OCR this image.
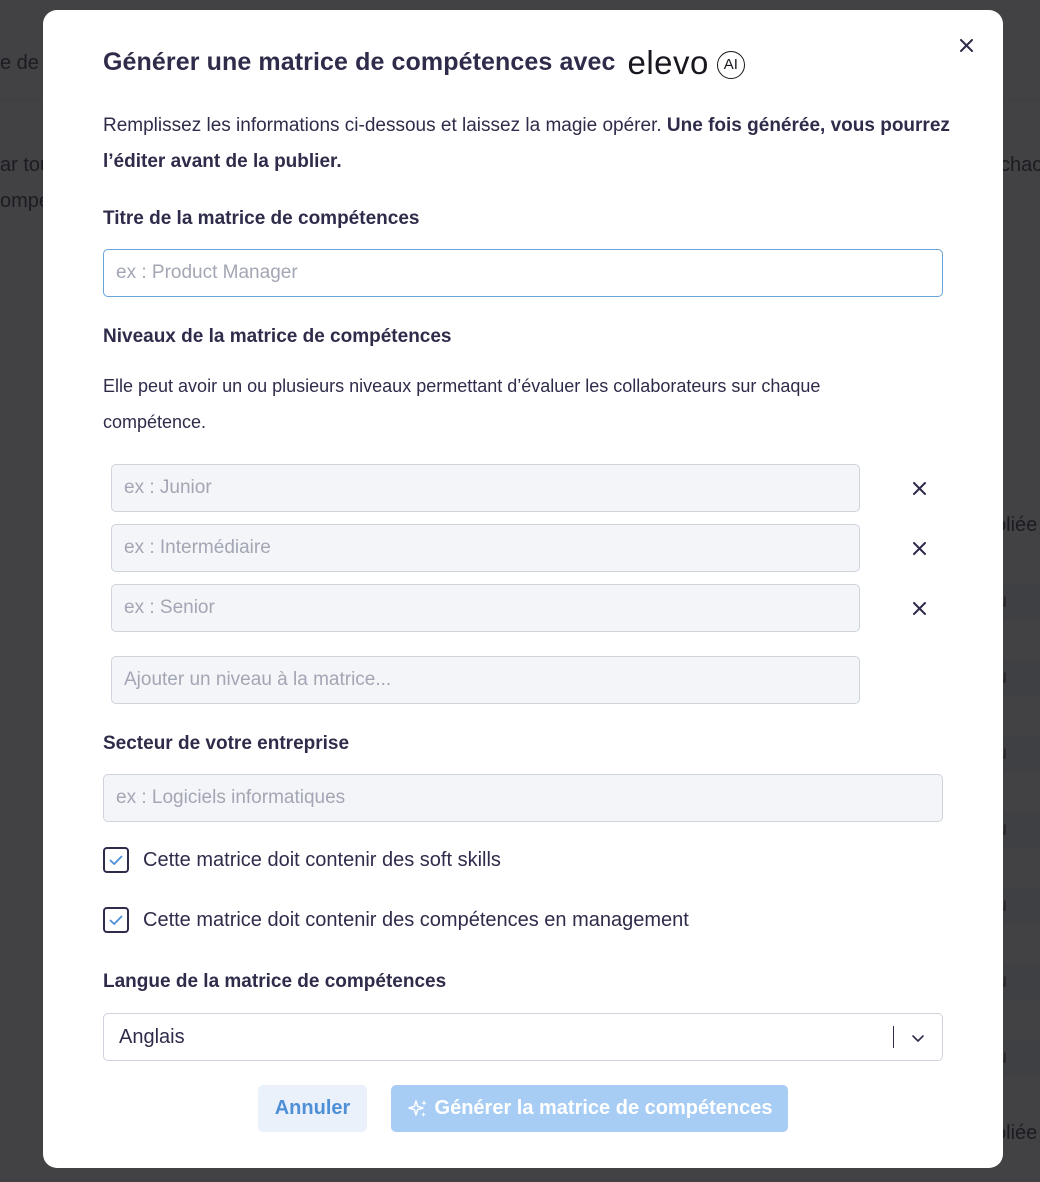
Générer une matrice de compétences avec elevo AI
Remplissez les informations ci-dessous et laissez la magie opérer. Une fois générée, vous pourrez l’éditer avant de la publier.
Titre de la matrice de compétences
ex : Product Manager
Niveaux de la matrice de compétences
Elle peut avoir un ou plusieurs niveaux permettant d’évaluer les collaborateurs sur chaque compétence.
ex : Junior
ex : Intermédiaire
ex : Senior
Ajouter un niveau à la matrice...
Secteur de votre entreprise
ex : Logiciels informatiques
Cette matrice doit contenir des soft skills
Cette matrice doit contenir des compétences en management
Langue de la matrice de compétences
Anglais
Annuler	Générer la matrice de compétences
